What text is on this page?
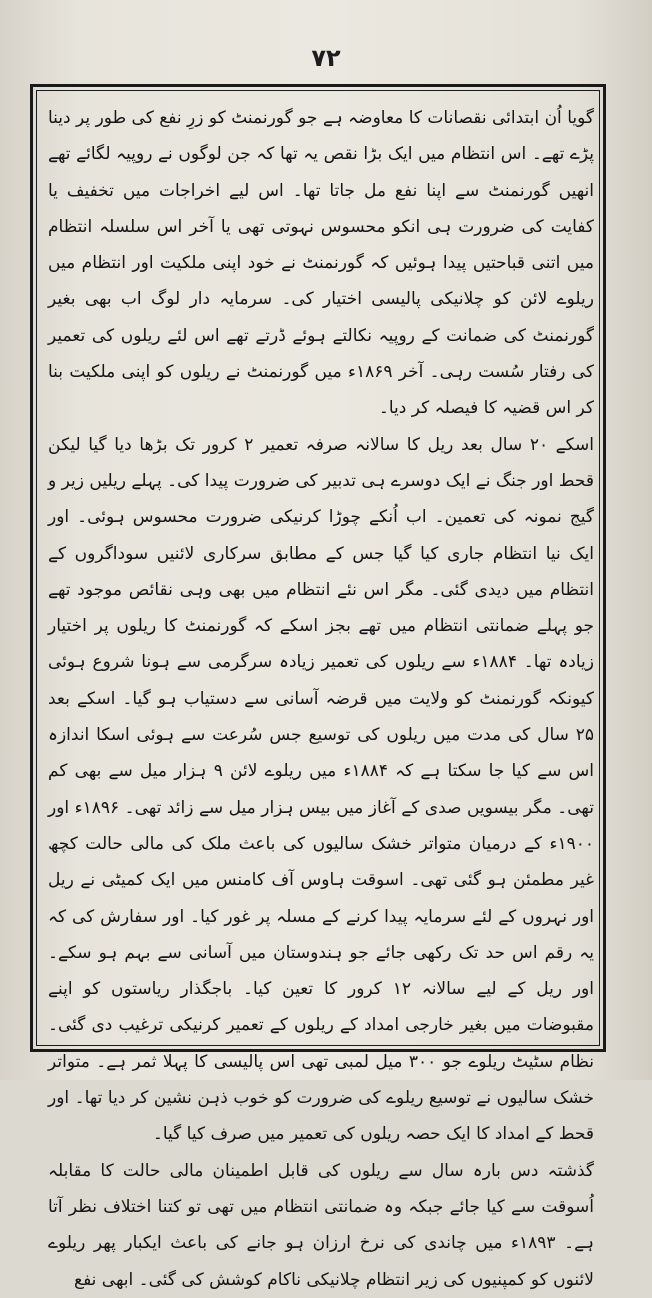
۷۲

گویا اُن ابتدائی نقصانات کا معاوضہ ہے جو گورنمنٹ کو زرِ نفع کی طور پر دینا پڑے تھے۔ اس انتظام میں ایک بڑا نقص یہ تھا کہ جن لوگوں نے روپیہ لگائے تھے انھیں گورنمنٹ سے اپنا نفع مل جاتا تھا۔ اس لیے اخراجات میں تخفیف یا کفایت کی ضرورت ہی انکو محسوس نہوتی تھی یا آخر اس سلسلہ انتظام میں اتنی قباحتیں پیدا ہوئیں کہ گورنمنٹ نے خود اپنی ملکیت اور انتظام میں ریلوے لائن کو چلانیکی پالیسی اختیار کی۔ سرمایہ دار لوگ اب بھی بغیر گورنمنٹ کی ضمانت کے روپیہ نکالتے ہوئے ڈرتے تھے اس لئے ریلوں کی تعمیر کی رفتار سُست رہی۔ آخر ۱۸۶۹ء میں گورنمنٹ نے ریلوں کو اپنی ملکیت بنا کر اس قضیہ کا فیصلہ کر دیا۔

اسکے ۲۰ سال بعد ریل کا سالانہ صرفہ تعمیر ۲ کرور تک بڑھا دیا گیا لیکن قحط اور جنگ نے ایک دوسرے ہی تدبیر کی ضرورت پیدا کی۔ پہلے ریلیں زیر و گیج نمونہ کی تعمین۔ اب اُنکے چوڑا کرنیکی ضرورت محسوس ہوئی۔ اور ایک نیا انتظام جاری کیا گیا جس کے مطابق سرکاری لائنیں سوداگروں کے انتظام میں دیدی گئی۔ مگر اس نئے انتظام میں بھی وہی نقائص موجود تھے جو پہلے ضمانتی انتظام میں تھے بجز اسکے کہ گورنمنٹ کا ریلوں پر اختیار زیادہ تھا۔ ۱۸۸۴ء سے ریلوں کی تعمیر زیادہ سرگرمی سے ہونا شروع ہوئی کیونکہ گورنمنٹ کو ولایت میں قرضہ آسانی سے دستیاب ہو گیا۔ اسکے بعد ۲۵ سال کی مدت میں ریلوں کی توسیع جس سُرعت سے ہوئی اسکا اندازہ اس سے کیا جا سکتا ہے کہ ۱۸۸۴ء میں ریلوے لائن ۹ ہزار میل سے بھی کم تھی۔ مگر بیسویں صدی کے آغاز میں بیس ہزار میل سے زائد تھی۔ ۱۸۹۶ء اور ۱۹۰۰ء کے درمیان متواتر خشک سالیوں کی باعث ملک کی مالی حالت کچھ غیر مطمئن ہو گئی تھی۔ اسوقت ہاوس آف کامنس میں ایک کمیٹی نے ریل اور نہروں کے لئے سرمایہ پیدا کرنے کے مسلہ پر غور کیا۔ اور سفارش کی کہ یہ رقم اس حد تک رکھی جائے جو ہندوستان میں آسانی سے بہم ہو سکے۔ اور ریل کے لیے سالانہ ۱۲ کرور کا تعین کیا۔ باجگذار ریاستوں کو اپنے مقبوضات میں بغیر خارجی امداد کے ریلوں کے تعمیر کرنیکی ترغیب دی گئی۔ نظام سٹیٹ ریلوے جو ۳۰۰ میل لمبی تھی اس پالیسی کا پہلا ثمر ہے۔ متواتر خشک سالیوں نے توسیع ریلوے کی ضرورت کو خوب ذہن نشین کر دیا تھا۔ اور قحط کے امداد کا ایک حصہ ریلوں کی تعمیر میں صرف کیا گیا۔

گذشتہ دس بارہ سال سے ریلوں کی قابل اطمینان مالی حالت کا مقابلہ اُسوقت سے کیا جائے جبکہ وہ ضمانتی انتظام میں تھی تو کتنا اختلاف نظر آتا ہے۔ ۱۸۹۳ء میں چاندی کی نرخ ارزان ہو جانے کی باعث ایکبار پھر ریلوے لائنوں کو کمپنیوں کی زیر انتظام چلانیکی ناکام کوشش کی گئی۔ ابھی نفع
